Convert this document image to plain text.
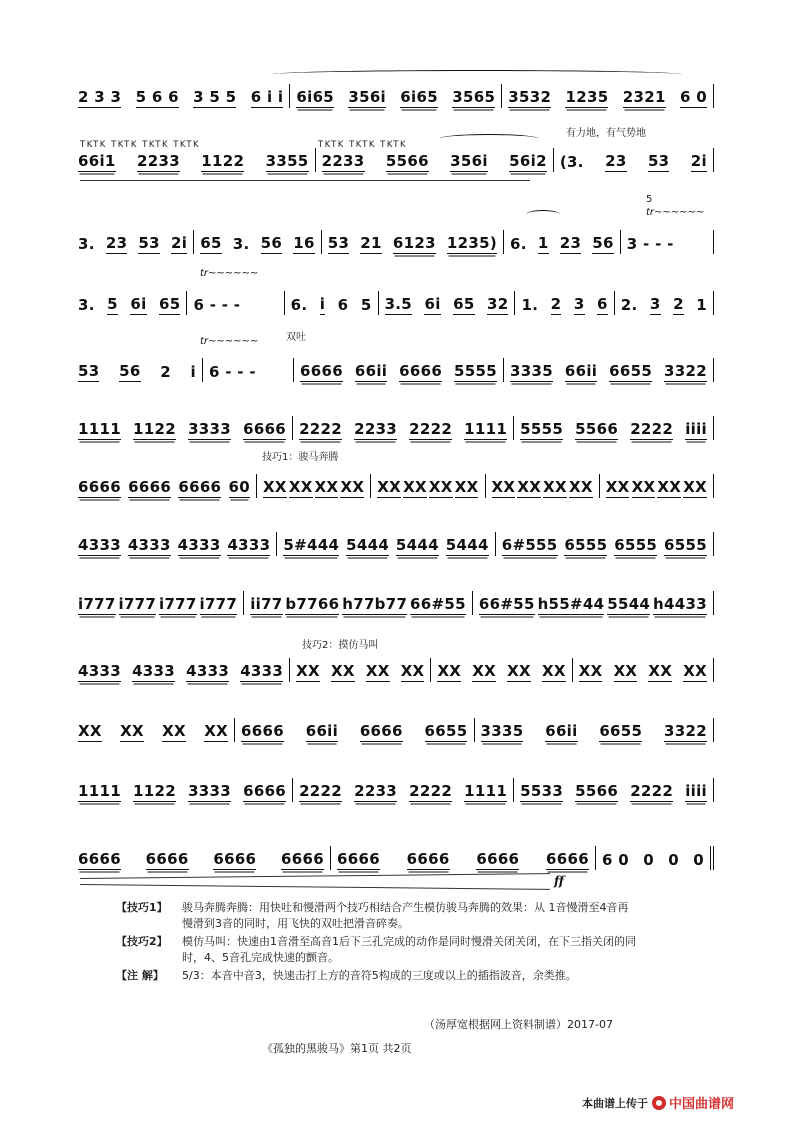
2 3 3 5 6 6 3 5 5 6 i i 6i65 356i 6i65 3565 3532 1235 2321 6 0
TKTK TKTK TKTK TKTK	TKTK TKTK TKTK
有力地，有气势地
66i1 2233 1122 3355 2233 5566 356i 56i2 (3. 23 53 2i
5
tr~~~~~~
3. 23 53 2i 65 3. 56 16 53 21 6123 1235) 6. 1 23 56 3 - - -
tr~~~~~~
3. 5 6i 65 6 - - -	6. i 6 5 3.5 6i 65 32 1. 2 3 6 2. 3 2 1
tr~~~~~~	双吐
53 56 2 i 6 - - -	6666 66ii 6666 5555 3335 66ii 6655 3322
1111 1122 3333 6666 2222 2233 2222 1111 5555 5566 2222 iiii
技巧1：骏马奔腾
6666 6666 6666 60 XX XX XX XX XX XX XX XX XX XX XX XX XX XX XX XX
4333 4333 4333 4333 5#444 5444 5444 5444 6#555 6555 6555 6555
i777 i777 i777 i777 ii77 b7766 h77b77 66#55 66#55 h55#44 5544 h4433
技巧2：摸仿马叫
4333 4333 4333 4333 XX XX XX XX XX XX XX XX XX XX XX XX
XX XX XX XX 6666 66ii 6666 6655 3335 66ii 6655 3322
1111 1122 3333 6666 2222 2233 2222 1111 5533 5566 2222 iiii
6666 6666 6666 6666 6666 6666 6666 6666 6 0 0 0 0
ff
【技巧1】	骏马奔腾奔腾：用快吐和慢滑两个技巧相结合产生模仿骏马奔腾的效果：从 1音慢滑至4音再慢滑到3音的同时，用飞快的双吐把滑音碎奏。
【技巧2】	模仿马叫：快速由1音滑至高音1后下三孔完成的动作是同时慢滑关闭关闭，在下三指关闭的同时，4、5音孔完成快速的颤音。
【注 解】	5/3：本音中音3，快速击打上方的音符5构成的三度或以上的插指波音，余类推。
（汤厚宽根据网上资料制谱）2017-07
《孤独的黑骏马》第1页 共2页
本曲谱上传于 中国曲谱网
